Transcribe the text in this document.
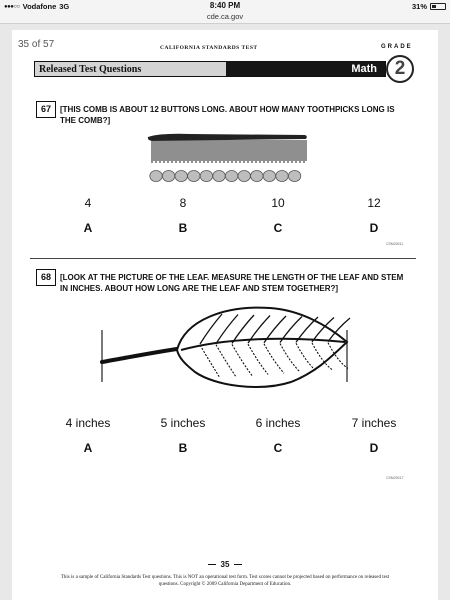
●●●○○ Vodafone 3G	8:40 PM	31%
cde.ca.gov
35 of 57	CALIFORNIA STANDARDS TEST	GRADE
Released Test Questions	Math 2
67	[THIS COMB IS ABOUT 12 BUTTONS LONG. ABOUT HOW MANY TOOTHPICKS LONG IS THE COMB?]
4	8	10	12
A	B	C	D
CSM20011
68	[LOOK AT THE PICTURE OF THE LEAF. MEASURE THE LENGTH OF THE LEAF AND STEM IN INCHES. ABOUT HOW LONG ARE THE LEAF AND STEM TOGETHER?]
4 inches	5 inches	6 inches	7 inches
A	B	C	D
CSM20017
35
This is a sample of California Standards Test questions. This is NOT an operational test form. Test scores cannot be projected based on performance on released test questions. Copyright © 2009 California Department of Education.
